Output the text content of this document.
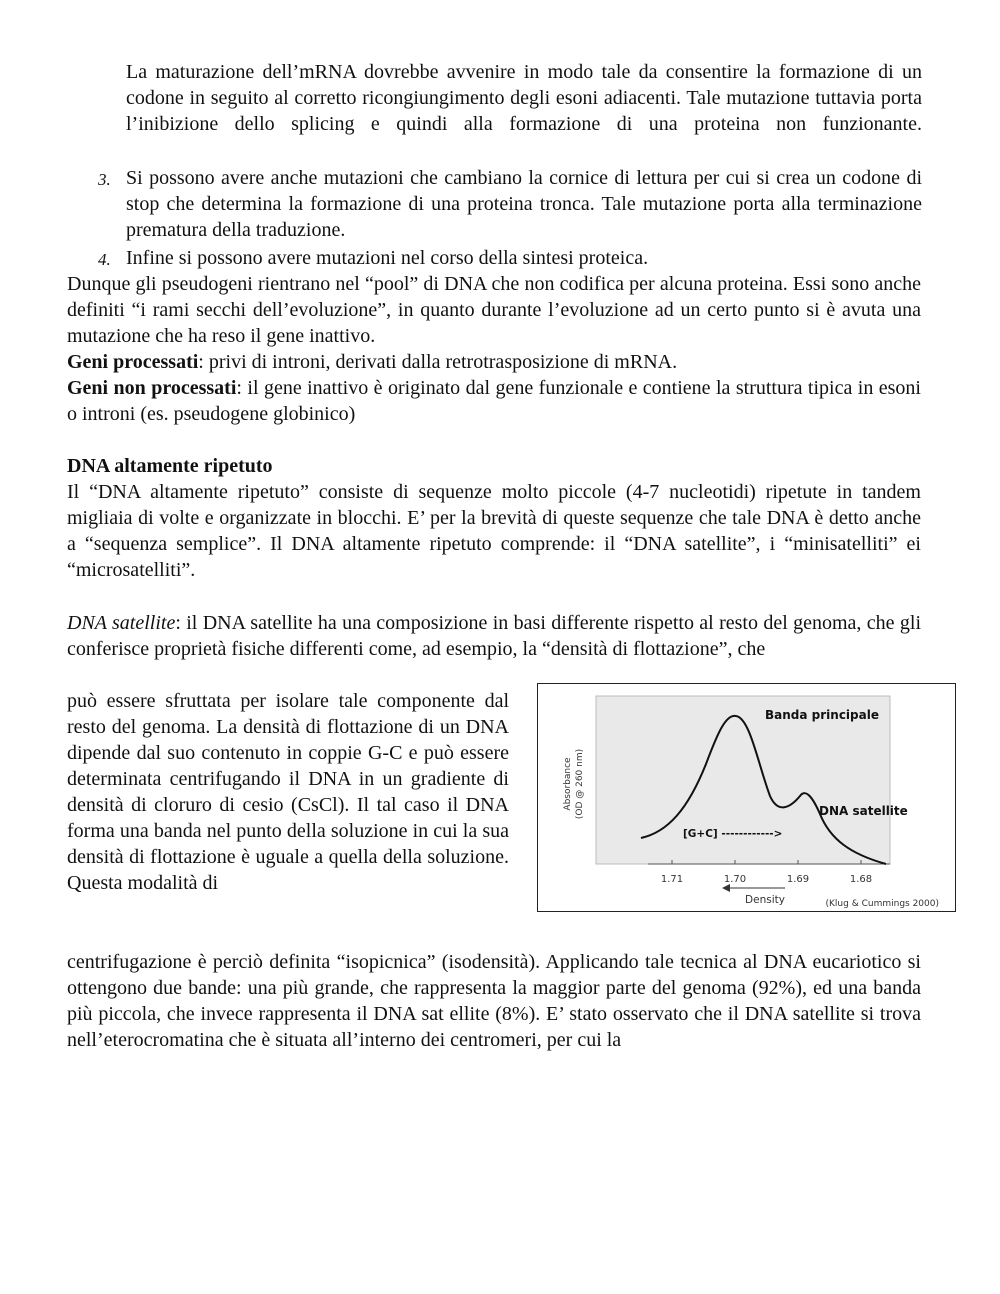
La maturazione dell’mRNA dovrebbe avvenire in modo tale da consentire la formazione di un codone in seguito al corretto ricongiungimento degli esoni adiacenti. Tale mutazione tuttavia porta l’inibizione dello splicing e quindi alla formazione di una proteina non funzionante.

3. Si possono avere anche mutazioni che cambiano la cornice di lettura per cui si crea un codone di stop che determina la formazione di una proteina tronca. Tale mutazione porta alla terminazione prematura della traduzione.

4. Infine si possono avere mutazioni nel corso della sintesi proteica.

Dunque gli pseudogeni rientrano nel “pool” di DNA che non codifica per alcuna proteina. Essi sono anche definiti “i rami secchi dell’evoluzione”, in quanto durante l’evoluzione ad un certo punto si è avuta una mutazione che ha reso il gene inattivo.

Geni processati: privi di introni, derivati dalla retrotrasposizione di mRNA.

Geni non processati: il gene inattivo è originato dal gene funzionale e contiene la struttura tipica in esoni o introni (es. pseudogene globinico)

DNA altamente ripetuto

Il “DNA altamente ripetuto” consiste di sequenze molto piccole (4-7 nucleotidi) ripetute in tandem migliaia di volte e organizzate in blocchi. E’ per la brevità di queste sequenze che tale DNA è detto anche a “sequenza semplice”. Il DNA altamente ripetuto comprende: il “DNA satellite”, i “minisatelliti” ei “microsatelliti”.

DNA satellite: il DNA satellite ha una composizione in basi differente rispetto al resto del genoma, che gli conferisce proprietà fisiche differenti come, ad esempio, la “densità di flottazione”, che

può essere sfruttata per isolare tale componente dal resto del genoma. La densità di flottazione di un DNA dipende dal suo contenuto in coppie G-C e può essere determinata centrifugando il DNA in un gradiente di densità di cloruro di cesio (CsCl). Il tal caso il DNA forma una banda nel punto della soluzione in cui la sua densità di flottazione è uguale a quella della soluzione. Questa modalità di

centrifugazione è perciò definita “isopicnica” (isodensità). Applicando tale tecnica al DNA eucariotico si ottengono due bande: una più grande, che rappresenta la maggior parte del genoma (92%), ed una banda più piccola, che invece rappresenta il DNA sat ellite (8%). E’ stato osservato che il DNA satellite si trova nell’eterocromatina che è situata all’interno dei centromeri, per cui la

Banda principale
DNA satellite
[G+C] ------------>
Absorbance (OD @ 260 nm)
1.71	1.70	1.69	1.68
Density	(Klug & Cummings 2000)
